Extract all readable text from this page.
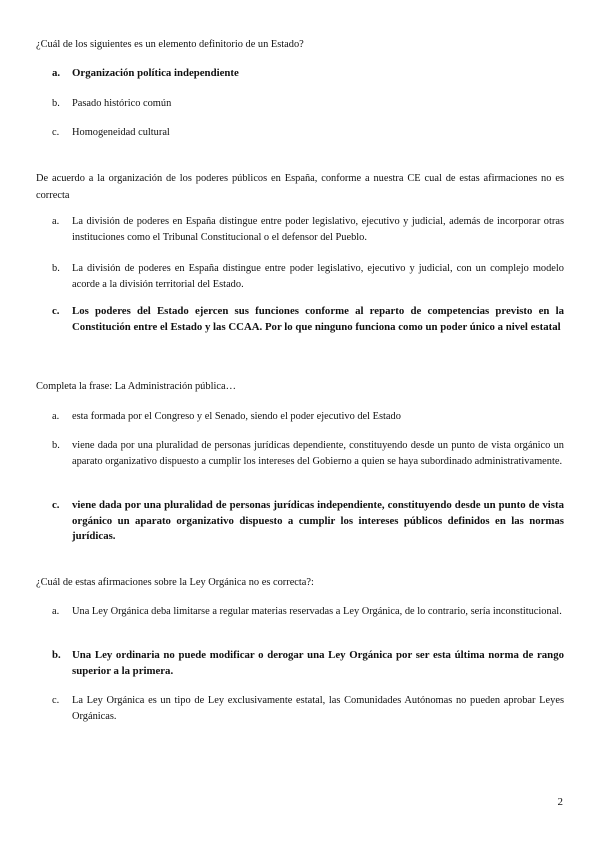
¿Cuál de los siguientes es un elemento definitorio de un Estado?

a.	Organización política independiente
b.	Pasado histórico común
c.	Homogeneidad cultural

De acuerdo a la organización de los poderes públicos en España, conforme a nuestra CE cual de estas afirmaciones no es correcta

a.	La división de poderes en España distingue entre poder legislativo, ejecutivo y judicial, además de incorporar otras instituciones como el Tribunal Constitucional o el defensor del Pueblo.
b.	La división de poderes en España distingue entre poder legislativo, ejecutivo y judicial, con un complejo modelo acorde a la división territorial del Estado.
c.	Los poderes del Estado ejercen sus funciones conforme al reparto de competencias previsto en la Constitución entre el Estado y las CCAA. Por lo que ninguno funciona como un poder único a nivel estatal

Completa la frase: La Administración pública…

a.	esta formada por el Congreso y el Senado, siendo el poder ejecutivo del Estado
b.	viene dada por una pluralidad de personas jurídicas dependiente, constituyendo desde un punto de vista orgánico un aparato organizativo dispuesto a cumplir los intereses del Gobierno a quien se haya subordinado administrativamente.
c.	viene dada por una pluralidad de personas jurídicas independiente, constituyendo desde un punto de vista orgánico un aparato organizativo dispuesto a cumplir los intereses públicos definidos en las normas jurídicas.

¿Cuál de estas afirmaciones sobre la Ley Orgánica no es correcta?:

a.	Una Ley Orgánica deba limitarse a regular materias reservadas a Ley Orgánica, de lo contrario, sería inconstitucional.
b.	Una Ley ordinaria no puede modificar o derogar una Ley Orgánica por ser esta última norma de rango superior a la primera.
c.	La Ley Orgánica es un tipo de Ley exclusivamente estatal, las Comunidades Autónomas no pueden aprobar Leyes Orgánicas.
2
